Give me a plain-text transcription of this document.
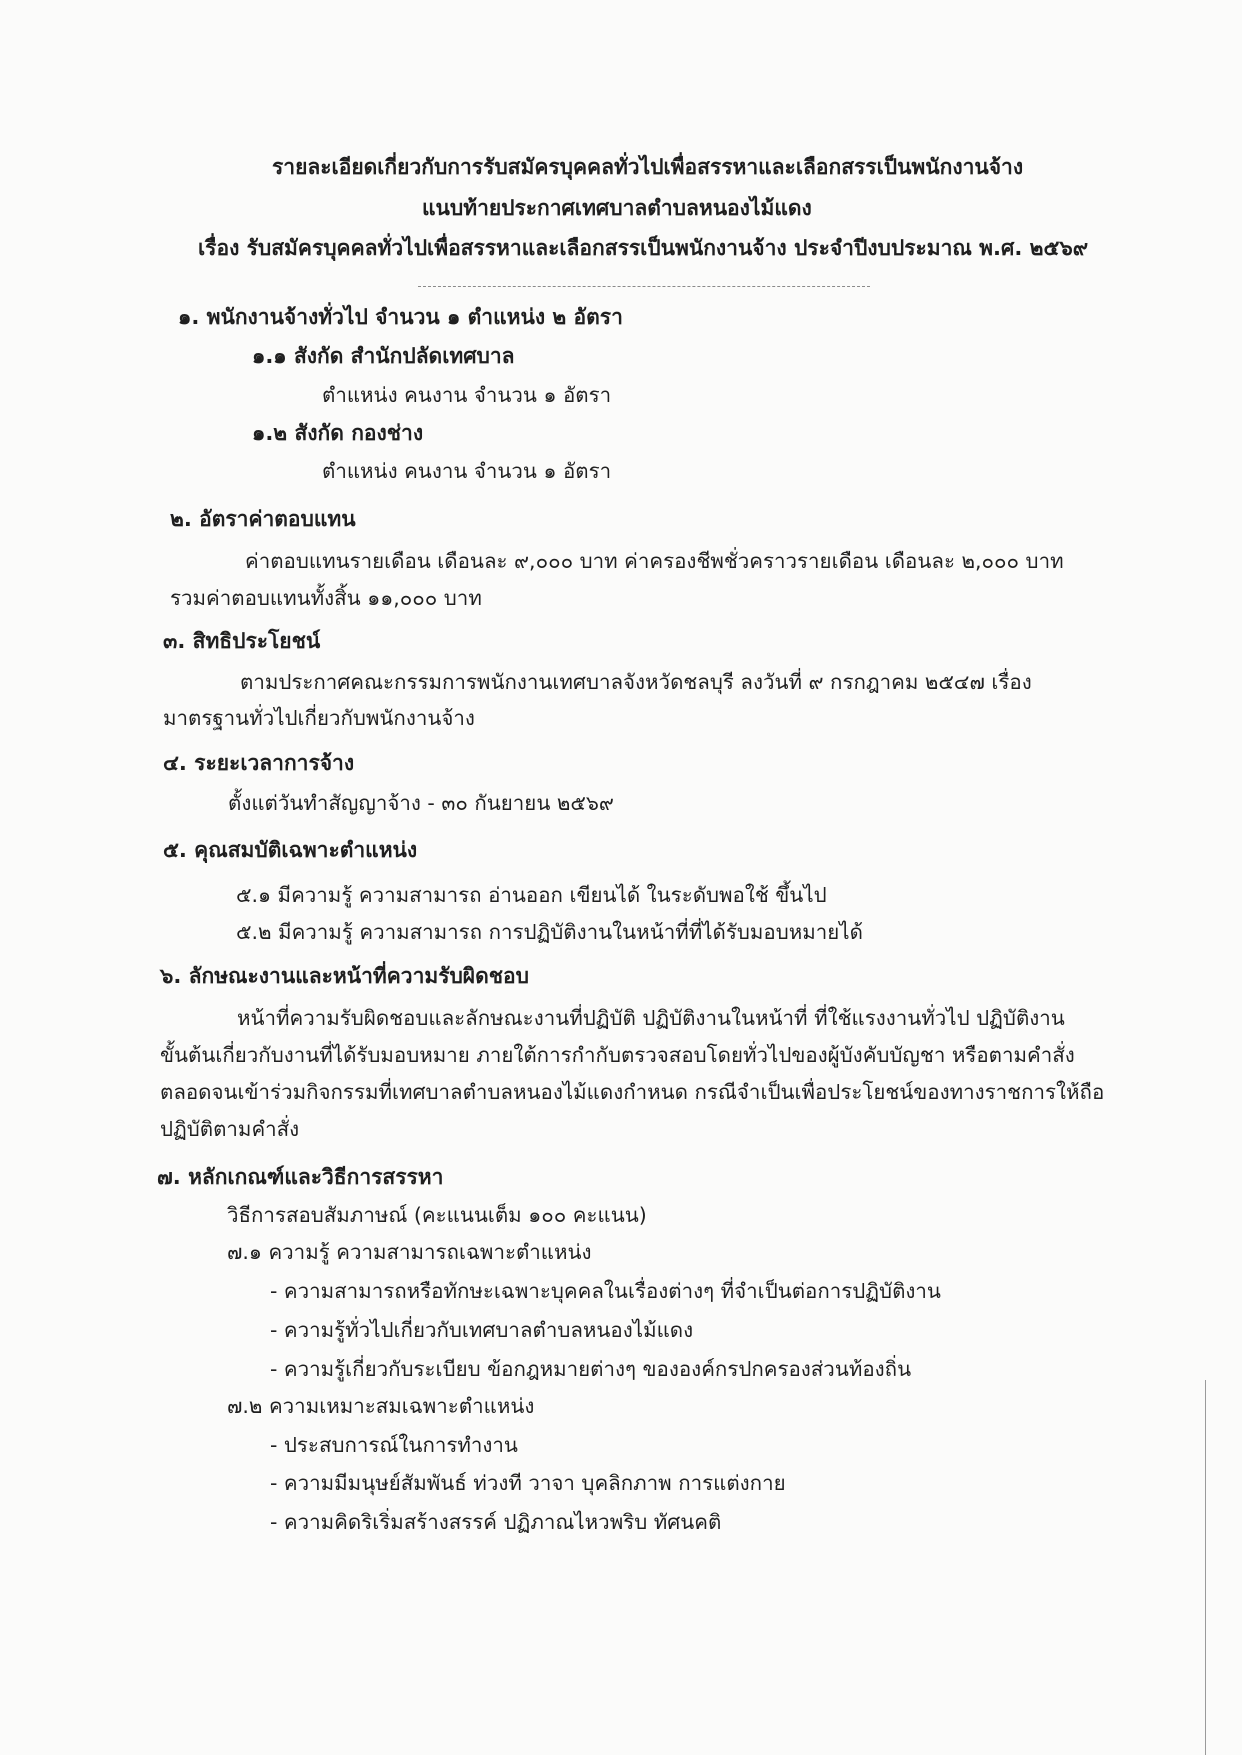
รายละเอียดเกี่ยวกับการรับสมัครบุคคลทั่วไปเพื่อสรรหาและเลือกสรรเป็นพนักงานจ้าง
แนบท้ายประกาศเทศบาลตำบลหนองไม้แดง
เรื่อง รับสมัครบุคคลทั่วไปเพื่อสรรหาและเลือกสรรเป็นพนักงานจ้าง ประจำปีงบประมาณ พ.ศ. ๒๕๖๙
๑. พนักงานจ้างทั่วไป จำนวน ๑ ตำแหน่ง ๒ อัตรา
๑.๑ สังกัด สำนักปลัดเทศบาล
ตำแหน่ง คนงาน จำนวน ๑ อัตรา
๑.๒ สังกัด กองช่าง
ตำแหน่ง คนงาน จำนวน ๑ อัตรา
๒. อัตราค่าตอบแทน
ค่าตอบแทนรายเดือน เดือนละ ๙,๐๐๐ บาท ค่าครองชีพชั่วคราวรายเดือน เดือนละ ๒,๐๐๐ บาท
รวมค่าตอบแทนทั้งสิ้น ๑๑,๐๐๐ บาท
๓. สิทธิประโยชน์
ตามประกาศคณะกรรมการพนักงานเทศบาลจังหวัดชลบุรี ลงวันที่ ๙ กรกฎาคม ๒๕๔๗ เรื่อง
มาตรฐานทั่วไปเกี่ยวกับพนักงานจ้าง
๔. ระยะเวลาการจ้าง
ตั้งแต่วันทำสัญญาจ้าง - ๓๐ กันยายน ๒๕๖๙
๕. คุณสมบัติเฉพาะตำแหน่ง
๕.๑ มีความรู้ ความสามารถ อ่านออก เขียนได้ ในระดับพอใช้ ขึ้นไป
๕.๒ มีความรู้ ความสามารถ การปฏิบัติงานในหน้าที่ที่ได้รับมอบหมายได้
๖. ลักษณะงานและหน้าที่ความรับผิดชอบ
หน้าที่ความรับผิดชอบและลักษณะงานที่ปฏิบัติ ปฏิบัติงานในหน้าที่ ที่ใช้แรงงานทั่วไป ปฏิบัติงาน
ขั้นต้นเกี่ยวกับงานที่ได้รับมอบหมาย ภายใต้การกำกับตรวจสอบโดยทั่วไปของผู้บังคับบัญชา หรือตามคำสั่ง
ตลอดจนเข้าร่วมกิจกรรมที่เทศบาลตำบลหนองไม้แดงกำหนด กรณีจำเป็นเพื่อประโยชน์ของทางราชการให้ถือ
ปฏิบัติตามคำสั่ง
๗. หลักเกณฑ์และวิธีการสรรหา
วิธีการสอบสัมภาษณ์ (คะแนนเต็ม ๑๐๐ คะแนน)
๗.๑ ความรู้ ความสามารถเฉพาะตำแหน่ง
- ความสามารถหรือทักษะเฉพาะบุคคลในเรื่องต่างๆ ที่จำเป็นต่อการปฏิบัติงาน
- ความรู้ทั่วไปเกี่ยวกับเทศบาลตำบลหนองไม้แดง
- ความรู้เกี่ยวกับระเบียบ ข้อกฎหมายต่างๆ ขององค์กรปกครองส่วนท้องถิ่น
๗.๒ ความเหมาะสมเฉพาะตำแหน่ง
- ประสบการณ์ในการทำงาน
- ความมีมนุษย์สัมพันธ์ ท่วงที วาจา บุคลิกภาพ การแต่งกาย
- ความคิดริเริ่มสร้างสรรค์ ปฏิภาณไหวพริบ ทัศนคติ
